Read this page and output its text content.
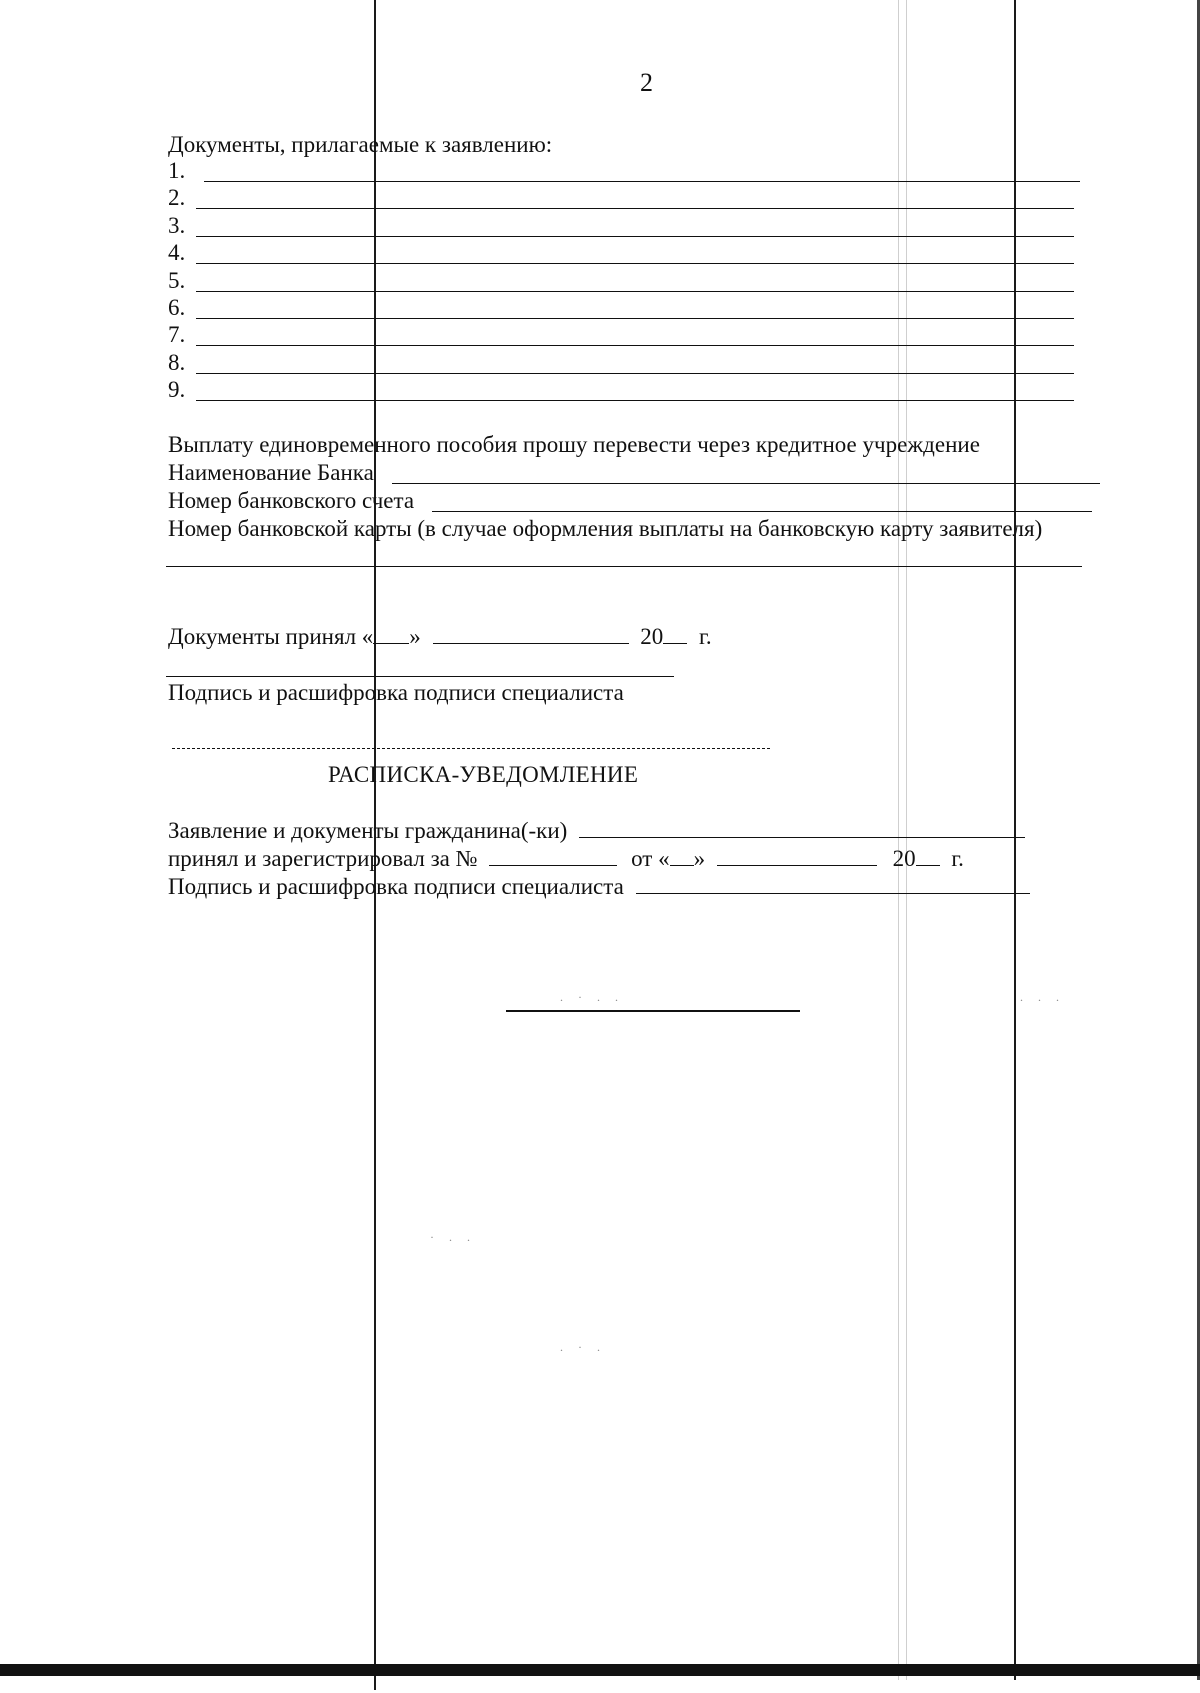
2
Документы, прилагаемые к заявлению:
1.
2.
3.
4.
5.
6.
7.
8.
9.
Выплату единовременного пособия прошу перевести через кредитное учреждение
Наименование Банка
Номер банковского счета
Номер банковской карты (в случае оформления выплаты на банковскую карту заявителя)
Документы принял « »	20 г.
Подпись и расшифровка подписи специалиста
РАСПИСКА-УВЕДОМЛЕНИЕ
Заявление и документы гражданина(-ки)
принял и зарегистрировал за №	от « »	20 г.
Подпись и расшифровка подписи специалиста
. · . .
· . .
. · .
. . .
